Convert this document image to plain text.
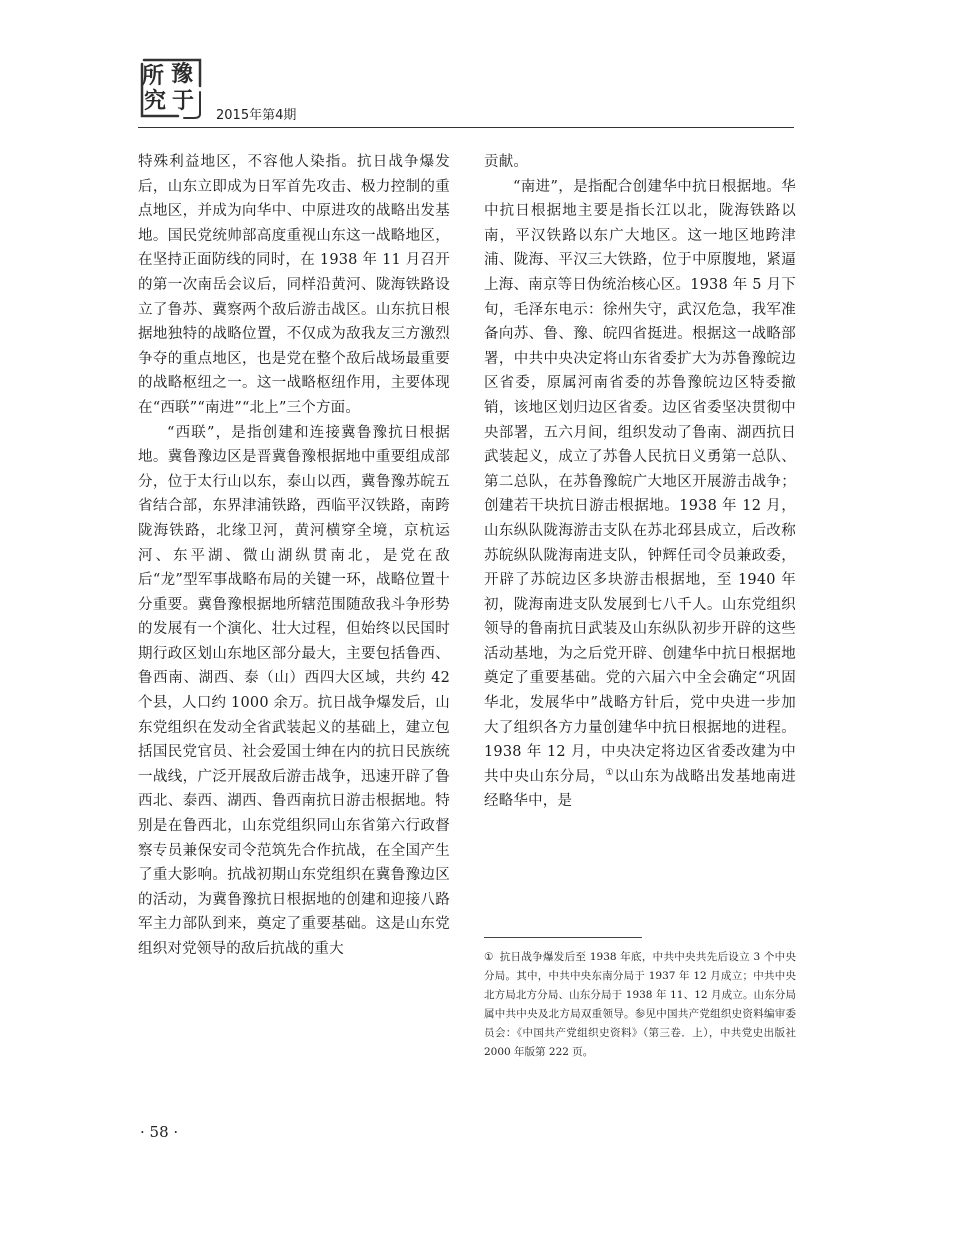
所 豫
究 于
2015年第4期

特殊利益地区，不容他人染指。抗日战争爆发后，山东立即成为日军首先攻击、极力控制的重点地区，并成为向华中、中原进攻的战略出发基地。国民党统帅部高度重视山东这一战略地区，在坚持正面防线的同时，在 1938 年 11 月召开的第一次南岳会议后，同样沿黄河、陇海铁路设立了鲁苏、冀察两个敌后游击战区。山东抗日根据地独特的战略位置，不仅成为敌我友三方激烈争夺的重点地区，也是党在整个敌后战场最重要的战略枢纽之一。这一战略枢纽作用，主要体现在“西联”“南进”“北上”三个方面。

“西联”，是指创建和连接冀鲁豫抗日根据地。冀鲁豫边区是晋冀鲁豫根据地中重要组成部分，位于太行山以东，泰山以西，冀鲁豫苏皖五省结合部，东界津浦铁路，西临平汉铁路，南跨陇海铁路，北缘卫河，黄河横穿全境，京杭运河、东平湖、微山湖纵贯南北，是党在敌后“龙”型军事战略布局的关键一环，战略位置十分重要。冀鲁豫根据地所辖范围随敌我斗争形势的发展有一个演化、壮大过程，但始终以民国时期行政区划山东地区部分最大，主要包括鲁西、鲁西南、湖西、泰（山）西四大区域，共约 42 个县，人口约 1000 余万。抗日战争爆发后，山东党组织在发动全省武装起义的基础上，建立包括国民党官员、社会爱国士绅在内的抗日民族统一战线，广泛开展敌后游击战争，迅速开辟了鲁西北、泰西、湖西、鲁西南抗日游击根据地。特别是在鲁西北，山东党组织同山东省第六行政督察专员兼保安司令范筑先合作抗战，在全国产生了重大影响。抗战初期山东党组织在冀鲁豫边区的活动，为冀鲁豫抗日根据地的创建和迎接八路军主力部队到来，奠定了重要基础。这是山东党组织对党领导的敌后抗战的重大

贡献。

“南进”，是指配合创建华中抗日根据地。华中抗日根据地主要是指长江以北，陇海铁路以南，平汉铁路以东广大地区。这一地区地跨津浦、陇海、平汉三大铁路，位于中原腹地，紧逼上海、南京等日伪统治核心区。1938 年 5 月下旬，毛泽东电示：徐州失守，武汉危急，我军准备向苏、鲁、豫、皖四省挺进。根据这一战略部署，中共中央决定将山东省委扩大为苏鲁豫皖边区省委，原属河南省委的苏鲁豫皖边区特委撤销，该地区划归边区省委。边区省委坚决贯彻中央部署，五六月间，组织发动了鲁南、湖西抗日武装起义，成立了苏鲁人民抗日义勇第一总队、第二总队，在苏鲁豫皖广大地区开展游击战争；创建若干块抗日游击根据地。1938 年 12 月，山东纵队陇海游击支队在苏北邳县成立，后改称苏皖纵队陇海南进支队，钟辉任司令员兼政委，开辟了苏皖边区多块游击根据地，至 1940 年初，陇海南进支队发展到七八千人。山东党组织领导的鲁南抗日武装及山东纵队初步开辟的这些活动基地，为之后党开辟、创建华中抗日根据地奠定了重要基础。党的六届六中全会确定“巩固华北，发展华中”战略方针后，党中央进一步加大了组织各方力量创建华中抗日根据地的进程。1938 年 12 月，中央决定将边区省委改建为中共中央山东分局，①以山东为战略出发基地南进经略华中，是

① 抗日战争爆发后至 1938 年底，中共中央共先后设立 3 个中央分局。其中，中共中央东南分局于 1937 年 12 月成立；中共中央北方局北方分局、山东分局于 1938 年 11、12 月成立。山东分局属中共中央及北方局双重领导。参见中国共产党组织史资料编审委员会：《中国共产党组织史资料》（第三卷．上），中共党史出版社 2000 年版第 222 页。
· 58 ·
